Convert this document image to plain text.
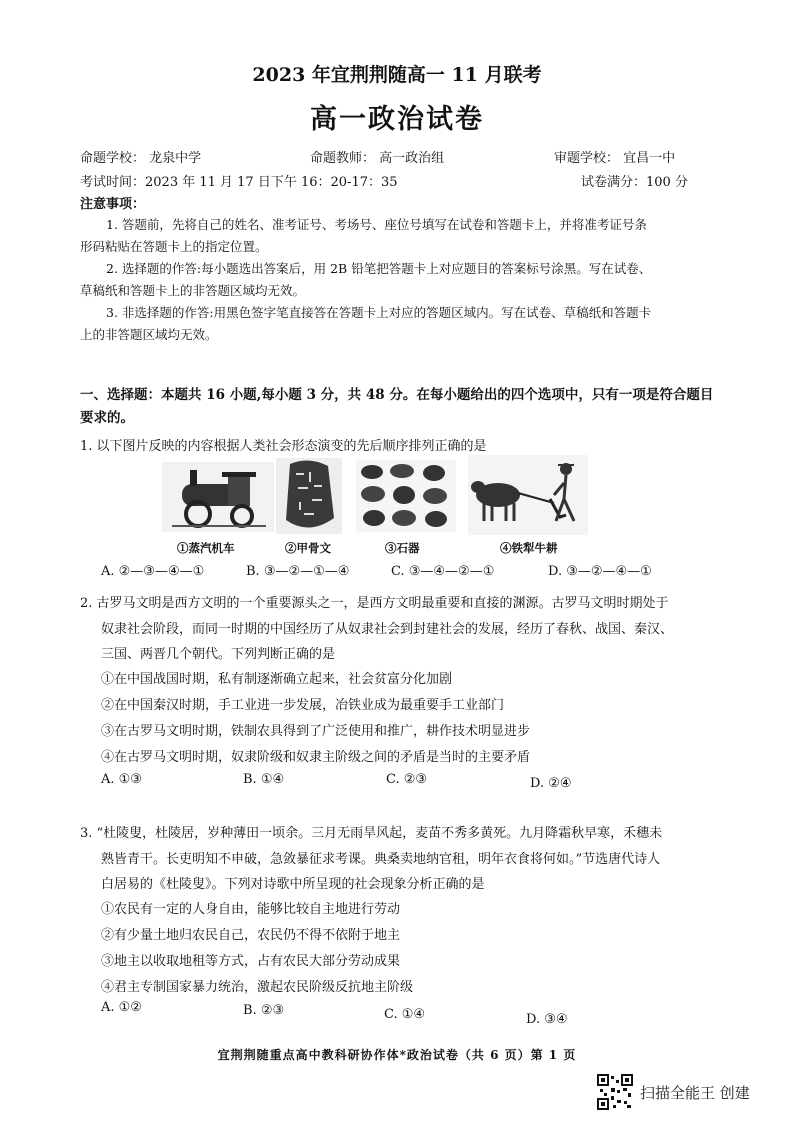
2023 年宜荆荆随高一 11 月联考
高一政治试卷
命题学校： 龙泉中学	命题教师： 高一政治组	审题学校： 宜昌一中
考试时间：2023 年 11 月 17 日下午 16：20-17：35	试卷满分：100 分
注意事项：

1. 答题前，先将自己的姓名、准考证号、考场号、座位号填写在试卷和答题卡上，并将准考证号条

形码粘贴在答题卡上的指定位置。

2. 选择题的作答:每小题选出答案后，用 2B 铅笔把答题卡上对应题目的答案标号涂黑。写在试卷、

草稿纸和答题卡上的非答题区域均无效。

3. 非选择题的作答:用黑色签字笔直接答在答题卡上对应的答题区域内。写在试卷、草稿纸和答题卡

上的非答题区域均无效。

一、选择题：本题共 16 小题,每小题 3 分，共 48 分。在每小题给出的四个选项中，只有一项是符合题目
要求的。
1. 以下图片反映的内容根据人类社会形态演变的先后顺序排列正确的是
①蒸汽机车	②甲骨文	③石器	④铁犁牛耕
A. ②—③—④—①	B. ③—②—①—④	C. ③—④—②—①	D. ③—②—④—①
2. 古罗马文明是西方文明的一个重要源头之一，是西方文明最重要和直接的渊源。古罗马文明时期处于
奴隶社会阶段，而同一时期的中国经历了从奴隶社会到封建社会的发展，经历了春秋、战国、秦汉、
三国、两晋几个朝代。下列判断正确的是
①在中国战国时期，私有制逐渐确立起来，社会贫富分化加剧
②在中国秦汉时期，手工业进一步发展，冶铁业成为最重要手工业部门
③在古罗马文明时期，铁制农具得到了广泛使用和推广，耕作技术明显进步
④在古罗马文明时期，奴隶阶级和奴隶主阶级之间的矛盾是当时的主要矛盾
A. ①③	B. ①④	C. ②③	D. ②④
3. “杜陵叟，杜陵居，岁种薄田一顷余。三月无雨旱风起，麦苗不秀多黄死。九月降霜秋早寒，禾穗未
熟皆青干。长吏明知不申破，急敛暴征求考课。典桑卖地纳官租，明年衣食将何如。”节选唐代诗人
白居易的《杜陵叟》。下列对诗歌中所呈现的社会现象分析正确的是
①农民有一定的人身自由，能够比较自主地进行劳动
②有少量土地归农民自己，农民仍不得不依附于地主
③地主以收取地租等方式，占有农民大部分劳动成果
④君主专制国家暴力统治，激起农民阶级反抗地主阶级
A. ①②	B. ②③	C. ①④	D. ③④
宜荆荆随重点高中教科研协作体*政治试卷（共 6 页）第 1 页
扫描全能王 创建
